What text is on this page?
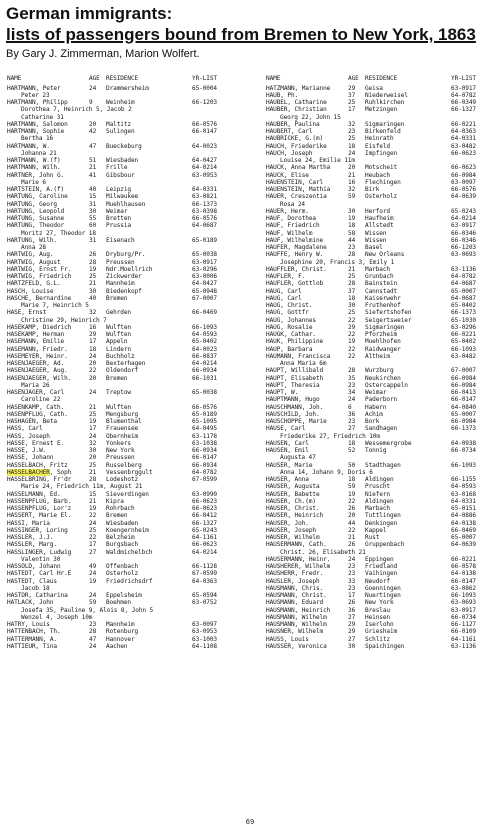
German immigrants:
lists of passengers bound from Bremen to New York, 1863
By Gary J. Zimmerman, Marion Wolfert.
NAME	AGE RESIDENCE	YR-LIST
HARTMANN, Peter	24 Drammersheim	65-0004
Peter 23
HARTMANN, Philipp	9 Weinheim	66-1203
Dorothea 7, Heinrich 5, Jacob 2
Catharine 31
HARTMANN, Salomon	20 Maltitz	66-0576
HARTMANN, Sophie	42 Sulingen	66-0147
Bertha 16
HARTMANN, W.	47 Bueckeburg	64-0023
Johanna 21
HARTMANN, W.(f)	51 Wiesbaden	64-0427
HARTMANN, Wilh.	21 Frille	64-0214
HARTNER, John G.	41 Gibsbour	63-0953
Marie 6
HARTSTEIN, A.(f)	40 Leipzig	64-0331
HARTUNG, Caroline	15 Milwaukee	63-0821
HARTUNG, Georg	31 Muehlhausen	66-1373
HARTUNG, Leopold	30 Weimar	63-0398
HARTUNG, Susanne	55 Bretten	66-0576
HARTUNG, Theodor	60 Prussia	64-0687
Moritz 27, Theodor 18
HARTUNG, Wilh.	31 Eisenach	65-0189
Anna 28
HARTWIG, Aug.	26 Dryburg/Pr.	65-0038
HARTWIG, August	28 Preussen	63-0917
HARTWIG, Ernst Fr.	19 Ndr.Moellrich	63-0296
HARTWIG, Friedrich	25 Zickwerder	63-0006
HARTZFELD, G.L.	21 Mannheim	64-0427
HASCH, Louise	30 Biedenkopf	65-0948
HASCHE, Bernardine	40 Bremen	67-0007
Marie 7, Heinrich 5
HASE, Ernst	32 Gehrden	66-0469
Christine 29, Heinrich 7
HASEKAMP, Diedrich	16 Wulften	66-1093
HASEKAMP, Herman	29 Wulften	64-0593
HASEMANN, Emilie	17 Appeln	65-0402
HASEMANN, Friedr.	18 Lindern	64-0023
HASEMEYER, Heinr.	24 Buchholz	66-0837
HASENJAEGER, Ad.	20 Bexterhagen	64-0214
HASENJAEGER, Aug.	22 Oldendorf	66-0934
HASENJAEGER, Wilh.	20 Bremen	66-1031
Maria 26
HASENJAGER, Carl	24 Treptow	65-0038
Caroline 22
HASENKAMP, Cath.	21 Wulften	66-0576
HASENPFLUG, Cath.	25 Mengsburg	65-0189
HASHAGEN, Beta	19 Blumenthal	65-1095
HASS, Carl	17 Frauensee	64-0495
HASS, Joseph	24 Obernheim	63-1178
HASSE, Ernest E.	32 Yonkers	63-1038
HASSE, J.W.	30 New York	66-0934
HASSE, Johann	20 Preussen	66-0147
HASSELBACH, Fritz	25 Russelberg	66-0934
HASSELBACHER, Soph	21 Vessenbrggult	64-0782
HASSELBRING, Fr'dr	28 Lodeshotz	67-0599
Marie 24, Friedrich 11m, August 21
HASSELMANN, Ed.	15 Sieverdingen	63-0990
HASSENPFLUG, Barb.	21 Kipra	66-0623
HASSENPFLUG, Lor'z	19 Rohrbach	66-0623
HASSERT, Marie El.	22 Bremen	66-0412
HASSI, Maria	24 Wiesbaden	66-1327
HASSINGER, Loring	25 Koengernheim	65-0243
HASSLER, J.J.	22 Belzheim	64-1161
HASSLER, Marg.	17 Burgsbach	66-0623
HASSLINGER, Ludwig	27 Waldmichelbch	64-0214
Valentin 30
HASSOLD, Johann	49 Offenbach	66-1128
HASTEDT, Carl Hr.E	24 Osterholz	67-0599
HASTEDT, Claus	19 Friedrichsdrf	64-0363
Jacob 18
HASTOR, Catharina	24 Eppelsheim	65-0594
HATLACK, John	59 Boehmen	63-0752
Josefa 35, Pauline 9, Alois 8, John 5
Wenzel 4, Joseph 10m
HATRY, Louis	23 Mannheim	63-0097
HATTENBACH, Th.	28 Rotenburg	63-0953
HATTERMANN, A.	47 Hannover	63-1003
HATTIEUR, Tina	24 Aachen	64-1108
NAME	AGE RESIDENCE	YR-LIST
HATZMANN, Marianne	29 Geisa	63-0917
HAUB, Ph.	37 Niederweisel	64-0782
HAUBEL, Catharine	25 Ruhlkirchen	66-0349
HAUBER, Christian	17 Metzingen	66-1327
Georg 22, John 15
HAUBER, Paulina	32 Sigmaringen	66-0221
HAUBERT, Carl	23 Birkenfeld	64-0363
HAUBRICKE, G.(m)	25 Heinrath	64-0331
HAUCH, Friederike	18 Eisfeld	63-0482
HAUCH, Joseph	24 Impfingen	66-0623
Louise 24, Emilie 11m
HAUCK, Anna Martha	20 Motscheit	66-0623
HAUCK, Elise	21 Heubach	66-0984
HAUENSTEIN, Carl	16 Flechingen	63-0097
HAUENSTEIN, Mathia	32 Birk	66-0576
HAUER, Creszentia	59 Osterholz	64-0639
Rosa 24
HAUER, Herm.	30 Herford	65-0243
HAUF, Dorothea	19 Haufheim	64-0214
HAUF, Friedrich	18 Allstedt	63-0917
HAUF, Wilhelm	58 Wissen	66-0346
HAUF, Wilhelmine	44 Wissen	66-0346
HAUFER, Magdalene	23 Basel	66-1203
HAUFFE, Henry W.	28 New Orleans	63-0693
Josephine 20, Francis 3, Emily 1
HAUFFLER, Christ.	21 Marbach	63-1136
HAUFLER, F.	25 Grunbach	64-0782
HAUFLER, Gottlob	28 Bainstein	64-0687
HAUG, Carl	37 Cannstadt	65-0007
HAUG, Carl	18 Kaiserwehr	64-0687
HAUG, Christ.	30 Fruthenhof	65-0402
HAUG, Gottfr	25 Siefertshofen	66-1373
HAUG, Johannes	22 Seigertsweier	65-1030
HAUG, Rosalie	29 Sigmaringen	63-0296
HAUGK, Cathar.	22 Pforzheim	66-0221
HAUK, Philippine	19 Muehlhofen	65-0402
HAUP, Barbara	22 Raidwanger	66-1093
HAUMANN, Francisca	22 Altheim	63-0482
Anna Maria 6m
HAUPT, Willibald	28 Wurzburg	67-0007
HAUPT, Elisabeth	35 Neukirchen	66-0984
HAUPT, Theresia	23 Ostercappeln	66-0984
HAUPT, W.	34 Weimar	66-0413
HAUPTMANN, Hugo	24 Paderborn	66-0147
HAUSCHMANN, Joh.	6 Habern	64-0840
HAUSCHILD, Joh.	36 Achim	65-0007
HAUSCHOPPE, Marie	23 Bork	66-0984
HAUSE, Carl	27 Sandhagen	66-1373
Friederike 27, Friedrich 10m
HAUSEN, Carl	18 Wessemergrobe	64-0938
HAUSEN, Emil	52 Tonnig	66-0734
Augusta 47
HAUSER, Marie	50 Stadthagen	66-1093
Anna 14, Johann 9, Doris 6
HAUSER, Anna	18 Aldingen	66-1155
HAUSER, Augusta	59 Pruscht	64-0593
HAUSER, Babette	19 Niefern	63-0168
HAUSER, Ch.(m)	22 Aldingen	64-0331
HAUSER, Christ.	26 Marbach	65-0151
HAUSER, Heinrich	20 Tuttlingen	64-0886
HAUSER, Joh.	44 Denkingen	64-0138
HAUSER, Joseph	22 Kappel	66-0469
HAUSER, Wilhelm	21 Rust	65-0007
HAUSERMANN, Cath.	26 Gruppenbach	64-0639
Christ. 26, Elisabeth 21
HAUSERMANN, Heinr.	24 Eppingen	66-0221
HAUSHERER, Wilhelm	23 Friedland	66-0578
HAUSHERR, Fredr.	23 Vaihingen	64-0138
HAUSLER, Joseph	33 Neudorf	66-0147
HAUSMANN, Chris.	23 Goenningen	63-0862
HAUSMANN, Christ.	17 Nuertingen	66-1093
HAUSMANN, Eduard	26 New York	63-0693
HAUSMANN, Heinrich	36 Breslau	63-0917
HAUSMANN, Wilhelm	27 Heinsen	66-0734
HAUSMANN, Wilhelm	29 Iserlohn	66-1127
HAUSNER, Wilhelm	29 Grieshaim	66-0109
HAUSS, Louis	27 Schlitz	64-1161
HAUSSER, Veronica	30 Spaichingen	63-1136
69
